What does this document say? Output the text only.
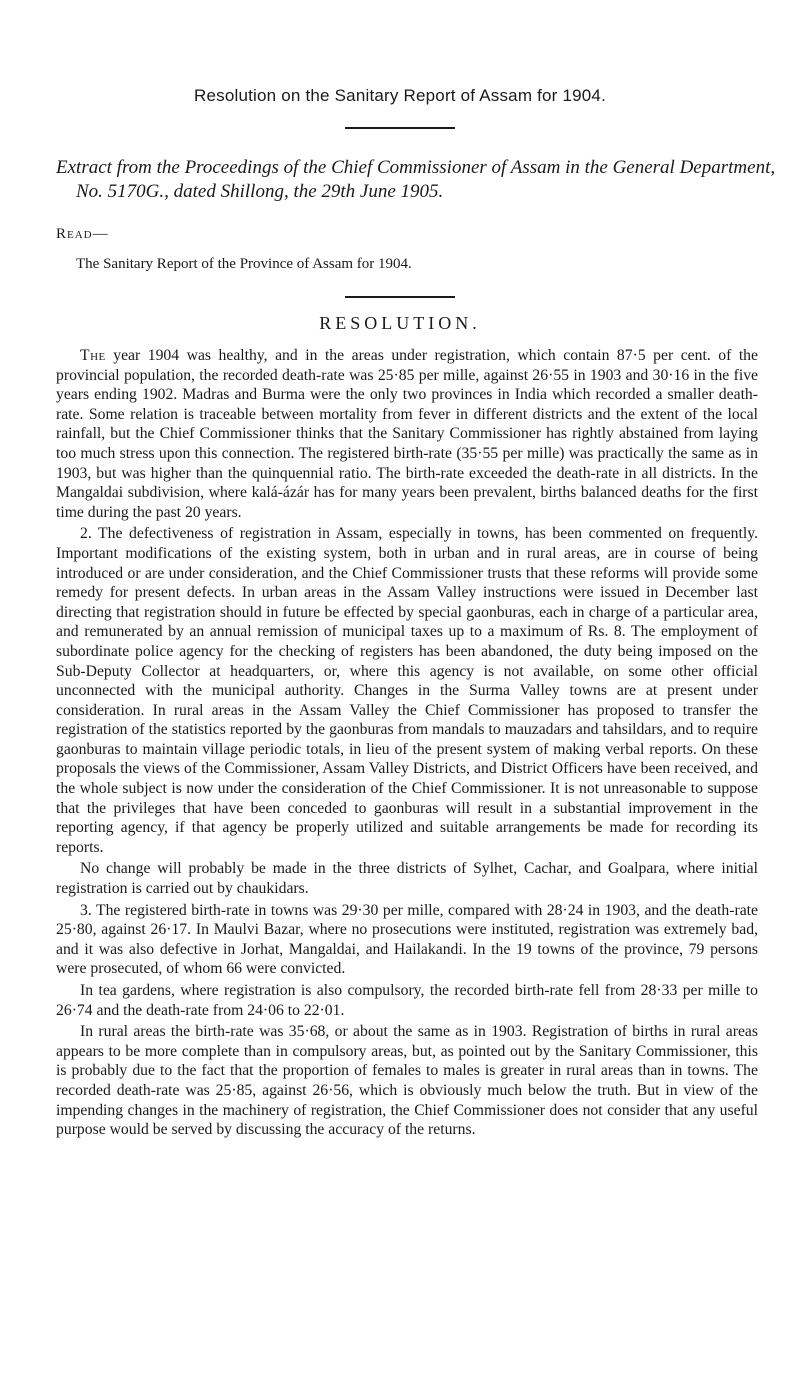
Resolution on the Sanitary Report of Assam for 1904.
Extract from the Proceedings of the Chief Commissioner of Assam in the General Department, No. 5170G., dated Shillong, the 29th June 1905.
Read—
The Sanitary Report of the Province of Assam for 1904.
RESOLUTION.

The year 1904 was healthy, and in the areas under registration, which contain 87·5 per cent. of the provincial population, the recorded death-rate was 25·85 per mille, against 26·55 in 1903 and 30·16 in the five years ending 1902. Madras and Burma were the only two provinces in India which recorded a smaller death-rate. Some relation is traceable between mortality from fever in different districts and the extent of the local rainfall, but the Chief Commissioner thinks that the Sanitary Commissioner has rightly abstained from laying too much stress upon this connection. The registered birth-rate (35·55 per mille) was practically the same as in 1903, but was higher than the quinquennial ratio. The birth-rate exceeded the death-rate in all districts. In the Mangaldai subdivision, where kalá-ázár has for many years been prevalent, births balanced deaths for the first time during the past 20 years.

2. The defectiveness of registration in Assam, especially in towns, has been commented on frequently. Important modifications of the existing system, both in urban and in rural areas, are in course of being introduced or are under consideration, and the Chief Commissioner trusts that these reforms will provide some remedy for present defects. In urban areas in the Assam Valley instructions were issued in December last directing that registration should in future be effected by special gaonburas, each in charge of a particular area, and remunerated by an annual remission of municipal taxes up to a maximum of Rs. 8. The employment of subordinate police agency for the checking of registers has been abandoned, the duty being imposed on the Sub-Deputy Collector at headquarters, or, where this agency is not available, on some other official unconnected with the municipal authority. Changes in the Surma Valley towns are at present under consideration. In rural areas in the Assam Valley the Chief Commissioner has proposed to transfer the registration of the statistics reported by the gaonburas from mandals to mauzadars and tahsildars, and to require gaonburas to maintain village periodic totals, in lieu of the present system of making verbal reports. On these proposals the views of the Commissioner, Assam Valley Districts, and District Officers have been received, and the whole subject is now under the consideration of the Chief Commissioner. It is not unreasonable to suppose that the privileges that have been conceded to gaonburas will result in a substantial improvement in the reporting agency, if that agency be properly utilized and suitable arrangements be made for recording its reports.

No change will probably be made in the three districts of Sylhet, Cachar, and Goalpara, where initial registration is carried out by chaukidars.

3. The registered birth-rate in towns was 29·30 per mille, compared with 28·24 in 1903, and the death-rate 25·80, against 26·17. In Maulvi Bazar, where no prosecutions were instituted, registration was extremely bad, and it was also defective in Jorhat, Mangaldai, and Hailakandi. In the 19 towns of the province, 79 persons were prosecuted, of whom 66 were convicted.

In tea gardens, where registration is also compulsory, the recorded birth-rate fell from 28·33 per mille to 26·74 and the death-rate from 24·06 to 22·01.

In rural areas the birth-rate was 35·68, or about the same as in 1903. Registration of births in rural areas appears to be more complete than in compulsory areas, but, as pointed out by the Sanitary Commissioner, this is probably due to the fact that the proportion of females to males is greater in rural areas than in towns. The recorded death-rate was 25·85, against 26·56, which is obviously much below the truth. But in view of the impending changes in the machinery of registration, the Chief Commissioner does not consider that any useful purpose would be served by discussing the accuracy of the returns.
